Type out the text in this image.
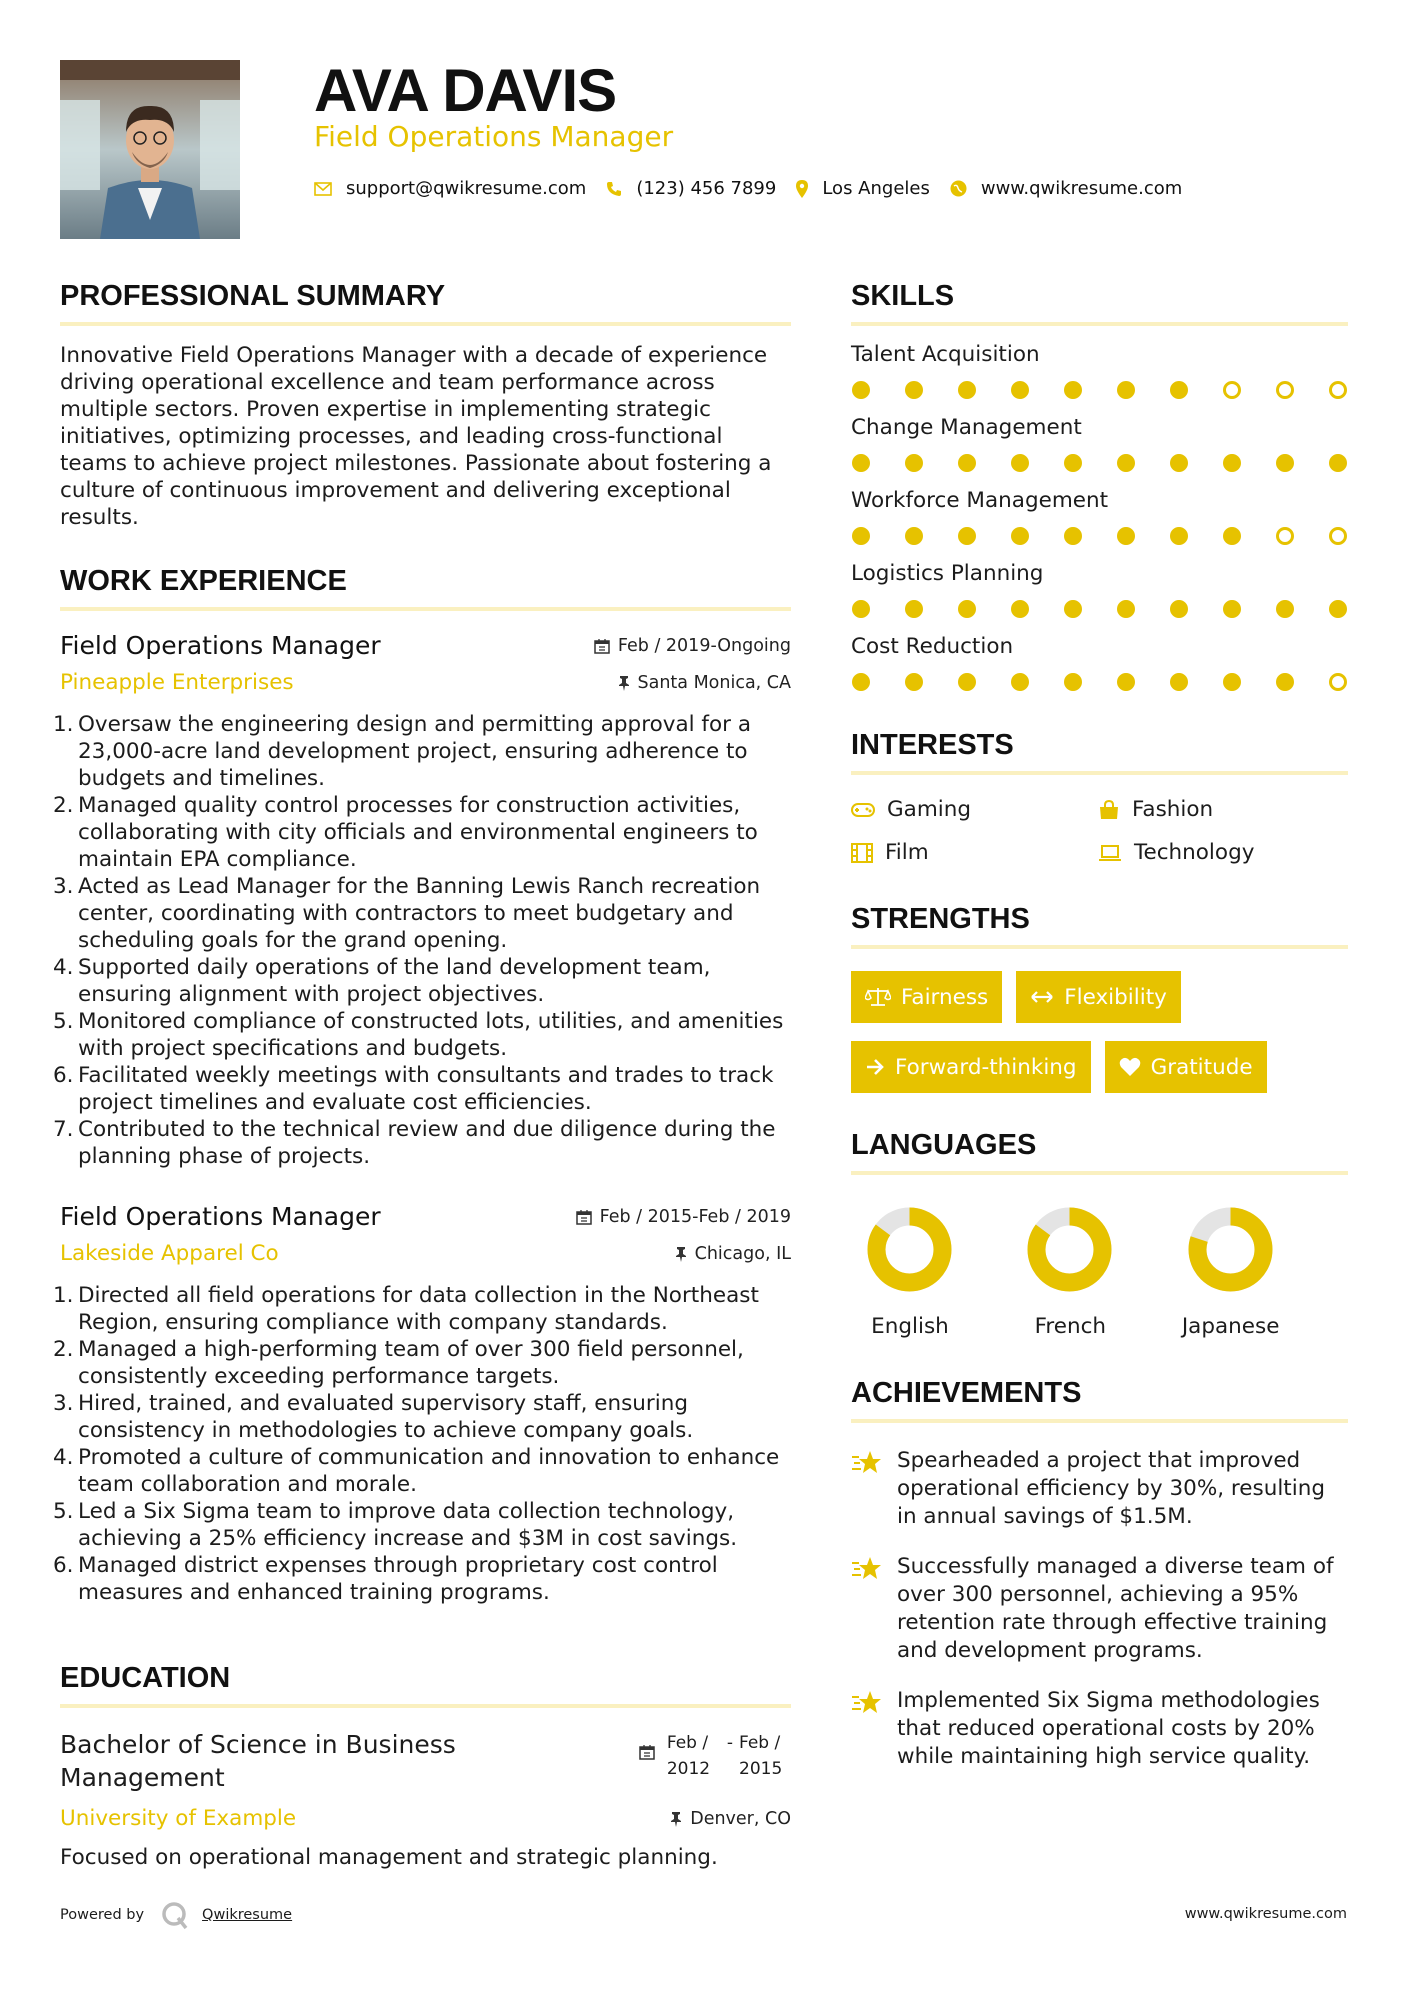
AVA DAVIS
Field Operations Manager
support@qwikresume.com	(123) 456 7899	Los Angeles	www.qwikresume.com
PROFESSIONAL SUMMARY
Innovative Field Operations Manager with a decade of experience driving operational excellence and team performance across multiple sectors. Proven expertise in implementing strategic initiatives, optimizing processes, and leading cross-functional teams to achieve project milestones. Passionate about fostering a culture of continuous improvement and delivering exceptional results.
WORK EXPERIENCE
Field Operations Manager	Feb / 2019-Ongoing
Pineapple Enterprises	Santa Monica, CA
1. Oversaw the engineering design and permitting approval for a 23,000-acre land development project, ensuring adherence to budgets and timelines.
2. Managed quality control processes for construction activities, collaborating with city officials and environmental engineers to maintain EPA compliance.
3. Acted as Lead Manager for the Banning Lewis Ranch recreation center, coordinating with contractors to meet budgetary and scheduling goals for the grand opening.
4. Supported daily operations of the land development team, ensuring alignment with project objectives.
5. Monitored compliance of constructed lots, utilities, and amenities with project specifications and budgets.
6. Facilitated weekly meetings with consultants and trades to track project timelines and evaluate cost efficiencies.
7. Contributed to the technical review and due diligence during the planning phase of projects.
Field Operations Manager	Feb / 2015-Feb / 2019
Lakeside Apparel Co	Chicago, IL
1. Directed all field operations for data collection in the Northeast Region, ensuring compliance with company standards.
2. Managed a high-performing team of over 300 field personnel, consistently exceeding performance targets.
3. Hired, trained, and evaluated supervisory staff, ensuring consistency in methodologies to achieve company goals.
4. Promoted a culture of communication and innovation to enhance team collaboration and morale.
5. Led a Six Sigma team to improve data collection technology, achieving a 25% efficiency increase and $3M in cost savings.
6. Managed district expenses through proprietary cost control measures and enhanced training programs.
EDUCATION
Bachelor of Science in Business Management
Feb / 2012
- Feb / 2015
University of Example	Denver, CO
Focused on operational management and strategic planning.
SKILLS
Talent Acquisition
Change Management
Workforce Management
Logistics Planning
Cost Reduction
INTERESTS
Gaming	Fashion
Film	Technology
STRENGTHS
Fairness	Flexibility
Forward-thinking	Gratitude
LANGUAGES
English	French	Japanese
ACHIEVEMENTS
Spearheaded a project that improved operational efficiency by 30%, resulting in annual savings of $1.5M.
Successfully managed a diverse team of over 300 personnel, achieving a 95% retention rate through effective training and development programs.
Implemented Six Sigma methodologies that reduced operational costs by 20% while maintaining high service quality.
Powered by	Qwikresume	www.qwikresume.com
